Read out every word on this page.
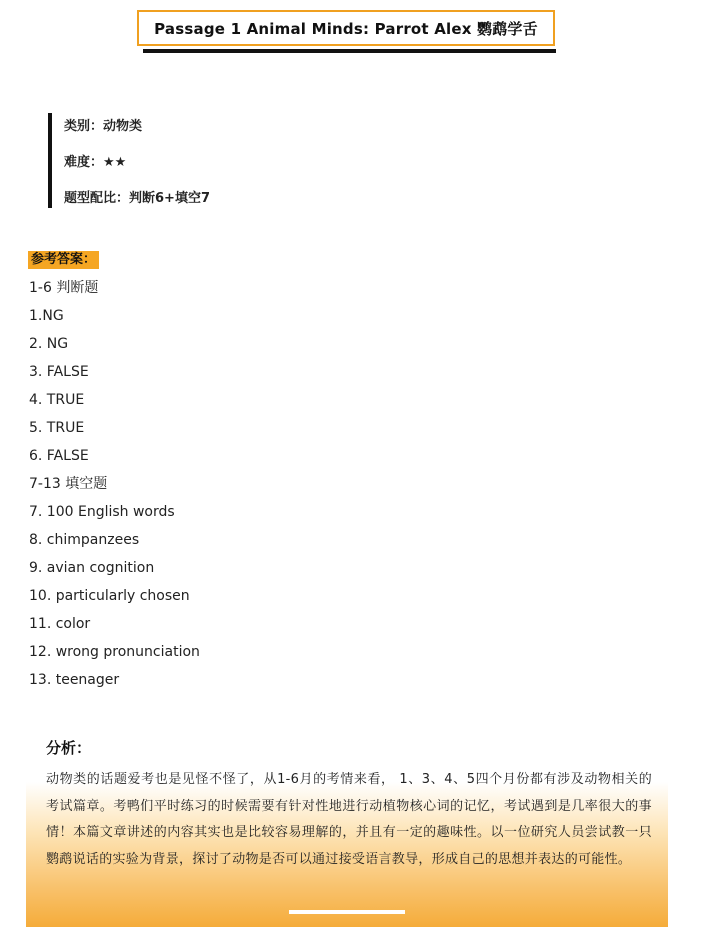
Passage 1 Animal Minds: Parrot Alex 鹦鹉学舌
类别：动物类
难度：★★
题型配比：判断6+填空7
参考答案：
1-6 判断题
1.NG
2. NG
3. FALSE
4. TRUE
5. TRUE
6. FALSE
7-13 填空题
7. 100 English words
8. chimpanzees
9. avian cognition
10. particularly chosen
11. color
12. wrong pronunciation
13. teenager
分析：
动物类的话题爱考也是见怪不怪了，从1-6月的考情来看， 1、3、4、5四个月份都有涉及动物相关的考试篇章。考鸭们平时练习的时候需要有针对性地进行动植物核心词的记忆，考试遇到是几率很大的事情！本篇文章讲述的内容其实也是比较容易理解的，并且有一定的趣味性。以一位研究人员尝试教一只鹦鹉说话的实验为背景，探讨了动物是否可以通过接受语言教导，形成自己的思想并表达的可能性。
